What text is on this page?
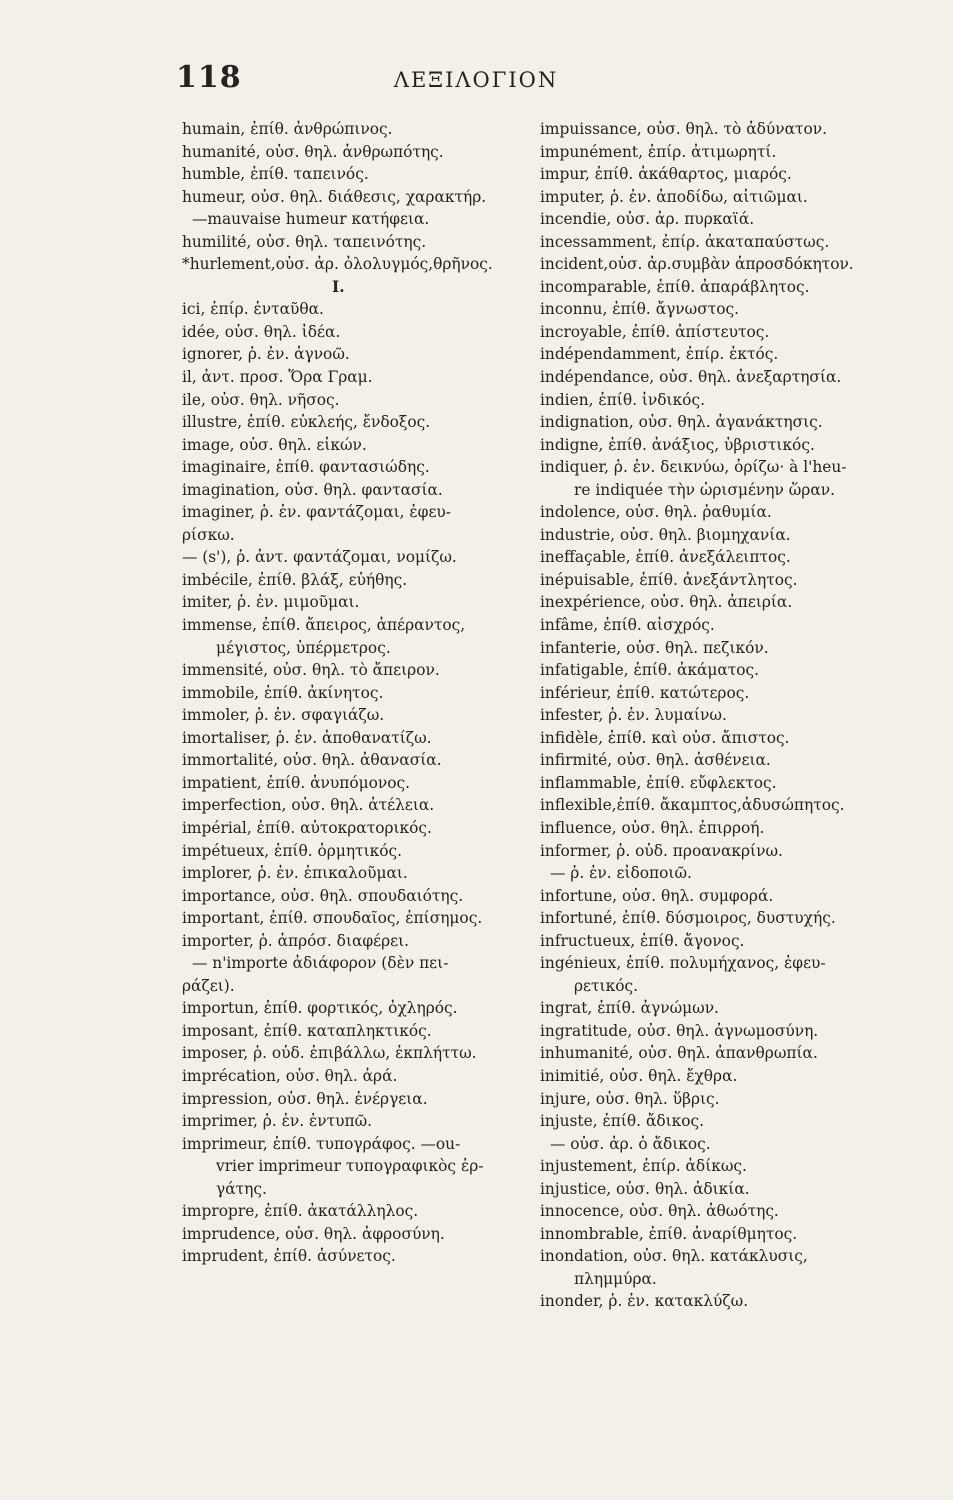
118	ΛΕΞΙΛΟΓΙΟΝ
humain, ἐπίθ. ἀνθρώπινος.
humanité, οὐσ. θηλ. ἀνθρωπότης.
humble, ἐπίθ. ταπεινός.
humeur, οὐσ. θηλ. διάθεσις, χαρακτήρ.
—mauvaise humeur κατήφεια.
humilité, οὐσ. θηλ. ταπεινότης.
*hurlement,οὐσ. ἀρ. ὀλολυγμός,θρῆνος.
I.
ici, ἐπίρ. ἐνταῦθα.
idée, οὐσ. θηλ. ἰδέα.
ignorer, ῥ. ἐν. ἀγνοῶ.
il, ἀντ. προσ. Ὅρα Γραμ.
ile, οὐσ. θηλ. νῆσος.
illustre, ἐπίθ. εὐκλεής, ἔνδοξος.
image, οὐσ. θηλ. εἰκών.
imaginaire, ἐπίθ. φαντασιώδης.
imagination, οὐσ. θηλ. φαντασία.
imaginer, ῥ. ἐν. φαντάζομαι, ἐφευ-
ρίσκω.
— (s'), ῥ. ἀντ. φαντάζομαι, νομίζω.
imbécile, ἐπίθ. βλάξ, εὐήθης.
imiter, ῥ. ἐν. μιμοῦμαι.
immense, ἐπίθ. ἄπειρος, ἀπέραντος,
μέγιστος, ὑπέρμετρος.
immensité, οὐσ. θηλ. τὸ ἄπειρον.
immobile, ἐπίθ. ἀκίνητος.
immoler, ῥ. ἐν. σφαγιάζω.
imortaliser, ῥ. ἐν. ἀποθανατίζω.
immortalité, οὐσ. θηλ. ἀθανασία.
impatient, ἐπίθ. ἀνυπόμονος.
imperfection, οὐσ. θηλ. ἀτέλεια.
impérial, ἐπίθ. αὐτοκρατορικός.
impétueux, ἐπίθ. ὁρμητικός.
implorer, ῥ. ἐν. ἐπικαλοῦμαι.
importance, οὐσ. θηλ. σπουδαιότης.
important, ἐπίθ. σπουδαῖος, ἐπίσημος.
importer, ῥ. ἀπρόσ. διαφέρει.
— n'importe ἀδιάφορον (δὲν πει-
ράζει).
importun, ἐπίθ. φορτικός, ὀχληρός.
imposant, ἐπίθ. καταπληκτικός.
imposer, ῥ. οὐδ. ἐπιβάλλω, ἐκπλήττω.
imprécation, οὐσ. θηλ. ἀρά.
impression, οὐσ. θηλ. ἐνέργεια.
imprimer, ῥ. ἐν. ἐντυπῶ.
imprimeur, ἐπίθ. τυπογράφος. —ou-
vrier imprimeur τυπογραφικὸς ἐρ-
γάτης.
impropre, ἐπίθ. ἀκατάλληλος.
imprudence, οὐσ. θηλ. ἀφροσύνη.
imprudent, ἐπίθ. ἀσύνετος.
impuissance, οὐσ. θηλ. τὸ ἀδύνατον.
impunément, ἐπίρ. ἀτιμωρητί.
impur, ἐπίθ. ἀκάθαρτος, μιαρός.
imputer, ῥ. ἐν. ἀποδίδω, αἰτιῶμαι.
incendie, οὐσ. ἀρ. πυρκαϊά.
incessamment, ἐπίρ. ἀκαταπαύστως.
incident,οὐσ. ἀρ.συμβὰν ἀπροσδόκητον.
incomparable, ἐπίθ. ἀπαράβλητος.
inconnu, ἐπίθ. ἄγνωστος.
incroyable, ἐπίθ. ἀπίστευτος.
indépendamment, ἐπίρ. ἐκτός.
indépendance, οὐσ. θηλ. ἀνεξαρτησία.
indien, ἐπίθ. ἰνδικός.
indignation, οὐσ. θηλ. ἀγανάκτησις.
indigne, ἐπίθ. ἀνάξιος, ὑβριστικός.
indiquer, ῥ. ἐν. δεικνύω, ὁρίζω· à l'heu-
re indiquée τὴν ὡρισμένην ὥραν.
indolence, οὐσ. θηλ. ῥαθυμία.
industrie, οὐσ. θηλ. βιομηχανία.
ineffaçable, ἐπίθ. ἀνεξάλειπτος.
inépuisable, ἐπίθ. ἀνεξάντλητος.
inexpérience, οὐσ. θηλ. ἀπειρία.
infâme, ἐπίθ. αἰσχρός.
infanterie, οὐσ. θηλ. πεζικόν.
infatigable, ἐπίθ. ἀκάματος.
inférieur, ἐπίθ. κατώτερος.
infester, ῥ. ἐν. λυμαίνω.
infidèle, ἐπίθ. καὶ οὐσ. ἄπιστος.
infirmité, οὐσ. θηλ. ἀσθένεια.
inflammable, ἐπίθ. εὔφλεκτος.
inflexible,ἐπίθ. ἄκαμπτος,ἀδυσώπητος.
influence, οὐσ. θηλ. ἐπιρροή.
informer, ῥ. οὐδ. προανακρίνω.
— ῥ. ἐν. εἰδοποιῶ.
infortune, οὐσ. θηλ. συμφορά.
infortuné, ἐπίθ. δύσμοιρος, δυστυχής.
infructueux, ἐπίθ. ἄγονος.
ingénieux, ἐπίθ. πολυμήχανος, ἐφευ-
ρετικός.
ingrat, ἐπίθ. ἀγνώμων.
ingratitude, οὐσ. θηλ. ἀγνωμοσύνη.
inhumanité, οὐσ. θηλ. ἀπανθρωπία.
inimitié, οὐσ. θηλ. ἔχθρα.
injure, οὐσ. θηλ. ὕβρις.
injuste, ἐπίθ. ἄδικος.
— οὐσ. ἀρ. ὁ ἄδικος.
injustement, ἐπίρ. ἀδίκως.
injustice, οὐσ. θηλ. ἀδικία.
innocence, οὐσ. θηλ. ἀθωότης.
innombrable, ἐπίθ. ἀναρίθμητος.
inondation, οὐσ. θηλ. κατάκλυσις,
πλημμύρα.
inonder, ῥ. ἐν. κατακλύζω.
